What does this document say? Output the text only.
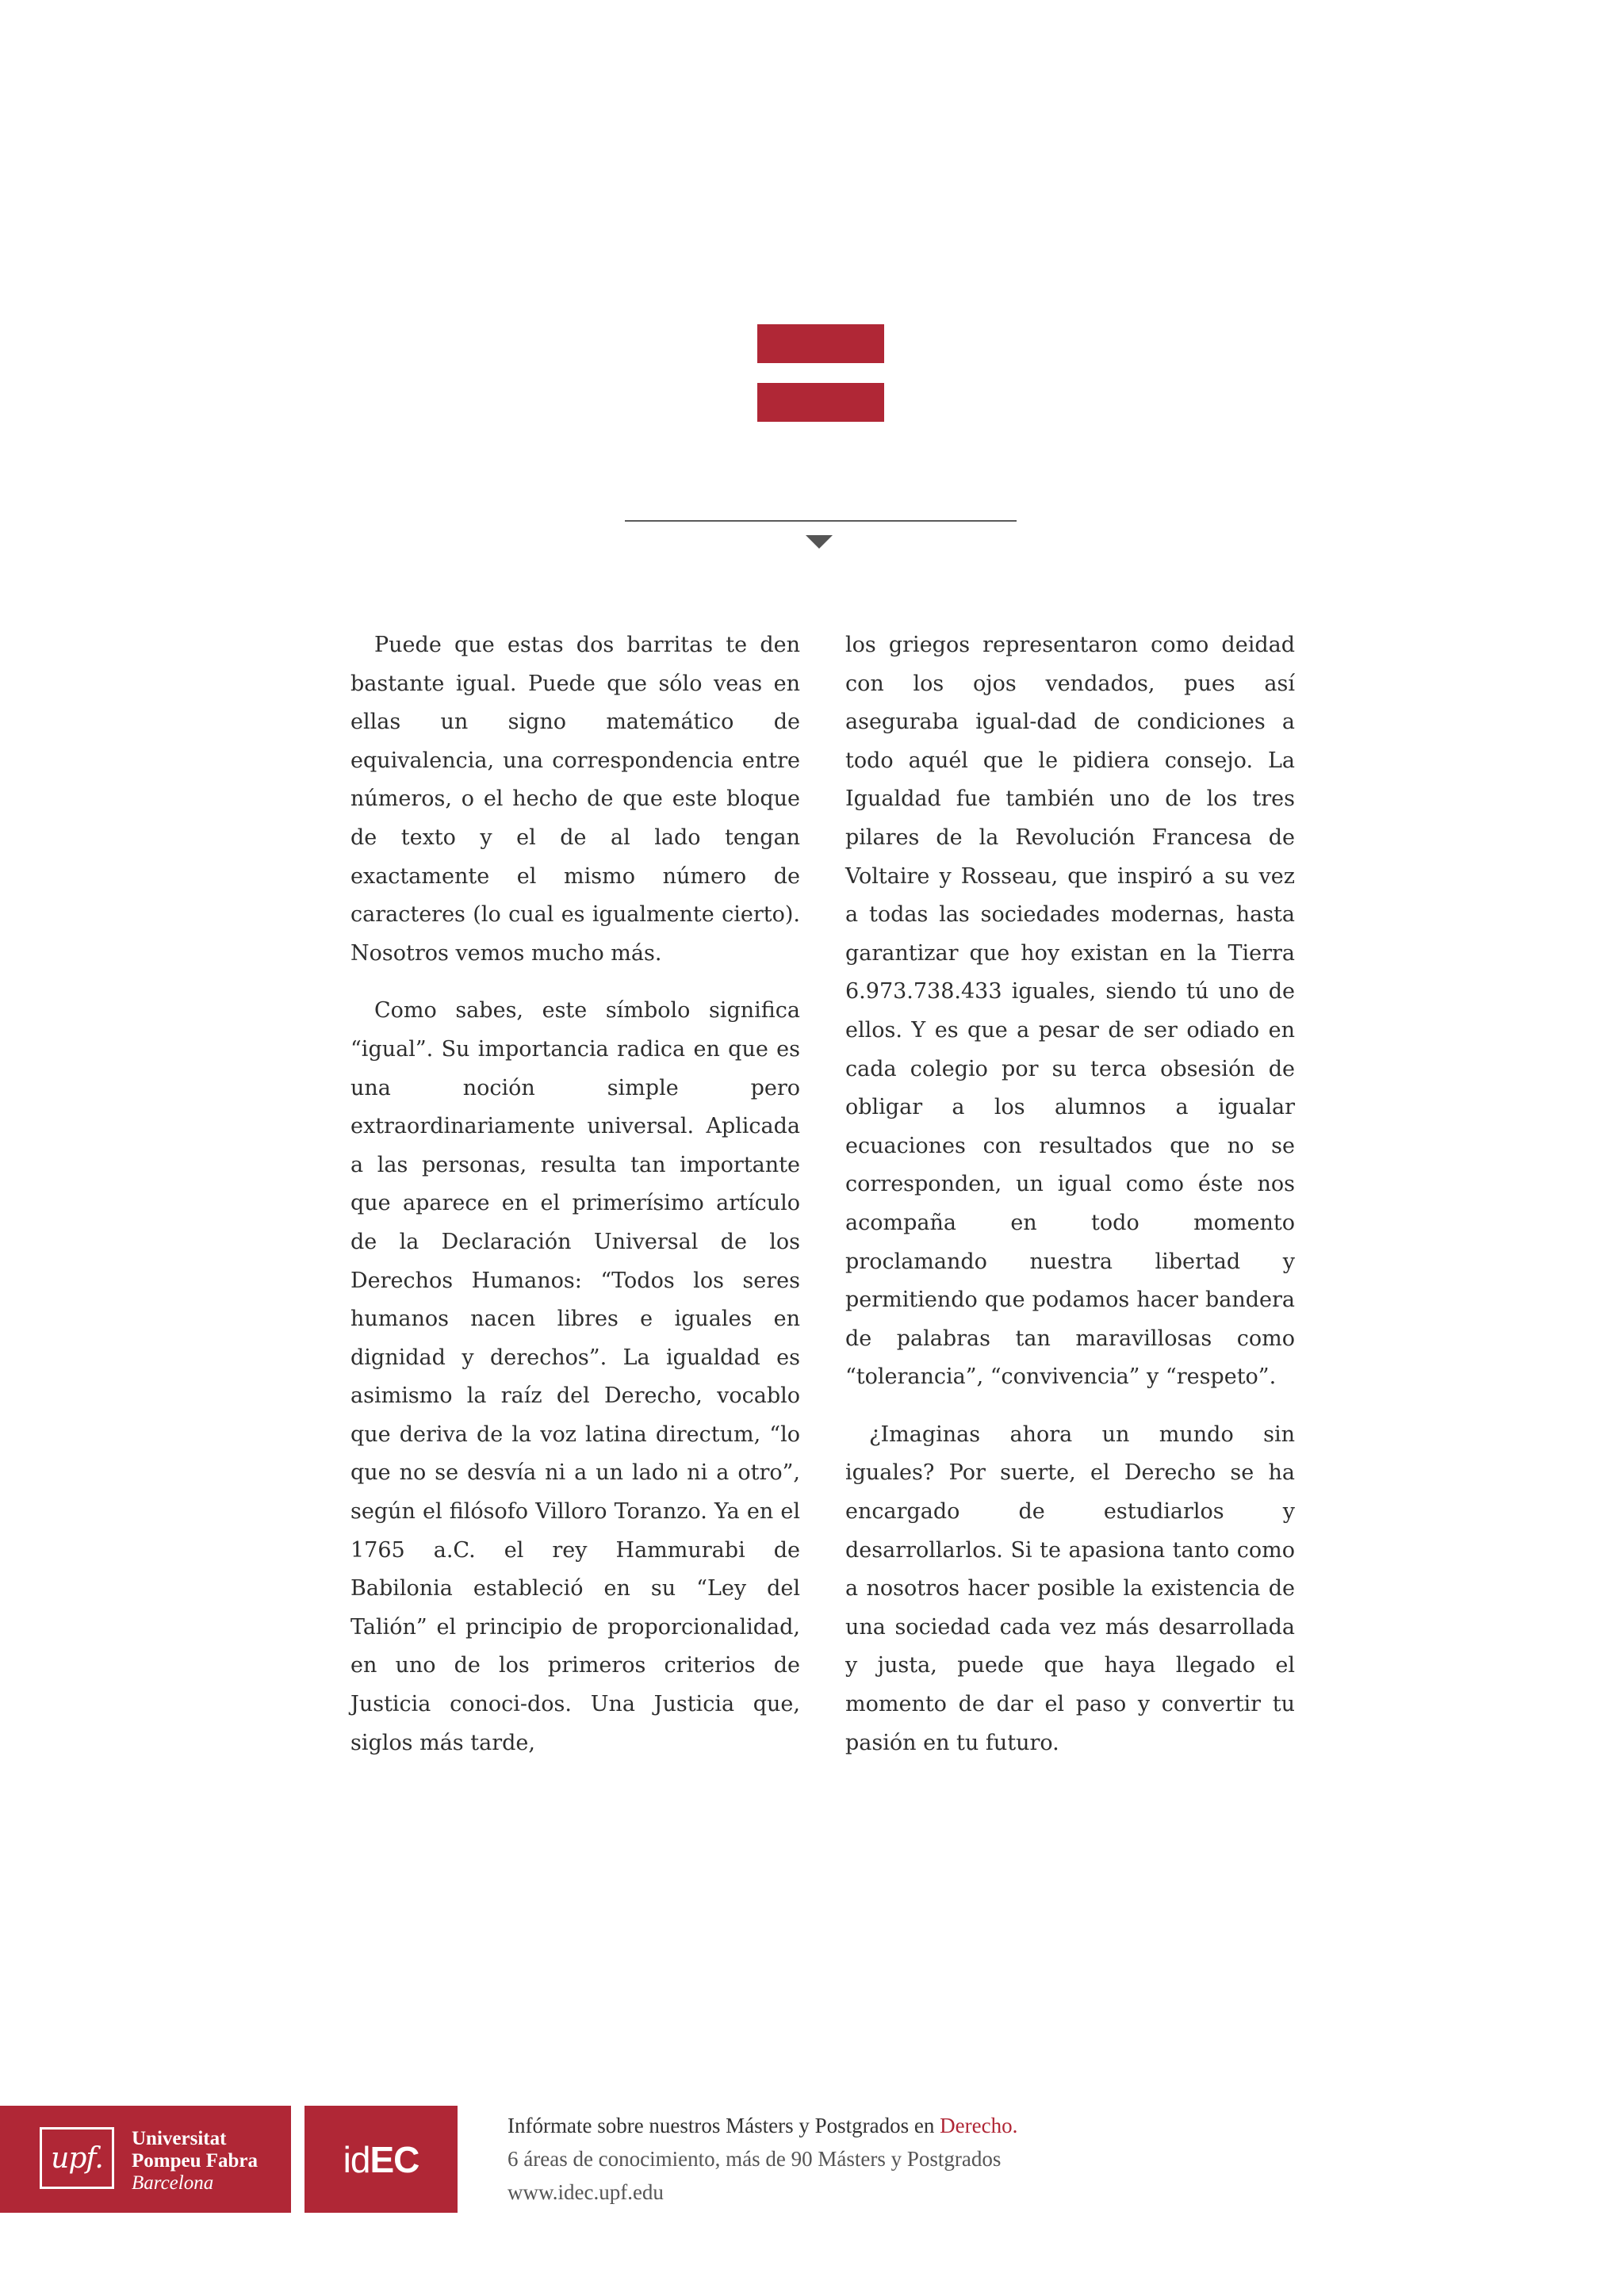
Puede que estas dos barritas te den bastante igual. Puede que sólo veas en ellas un signo matemático de equivalencia, una correspondencia entre números, o el hecho de que este bloque de texto y el de al lado tengan exactamente el mismo número de caracteres (lo cual es igualmente cierto). Nosotros vemos mucho más.

Como sabes, este símbolo significa “igual”. Su importancia radica en que es una noción simple pero extraordinariamente universal. Aplicada a las personas, resulta tan importante que aparece en el primerísimo artículo de la Declaración Universal de los Derechos Humanos: “Todos los seres humanos nacen libres e iguales en dignidad y derechos”. La igualdad es asimismo la raíz del Derecho, vocablo que deriva de la voz latina directum, “lo que no se desvía ni a un lado ni a otro”, según el filósofo Villoro Toranzo. Ya en el 1765 a.C. el rey Hammurabi de Babilonia estableció en su “Ley del Talión” el principio de proporcionalidad, en uno de los primeros criterios de Justicia conoci-dos. Una Justicia que, siglos más tarde,

los griegos representaron como deidad con los ojos vendados, pues así aseguraba igual-dad de condiciones a todo aquél que le pidiera consejo. La Igualdad fue también uno de los tres pilares de la Revolución Francesa de Voltaire y Rosseau, que inspiró a su vez a todas las sociedades modernas, hasta garantizar que hoy existan en la Tierra 6.973.738.433 iguales, siendo tú uno de ellos. Y es que a pesar de ser odiado en cada colegio por su terca obsesión de obligar a los alumnos a igualar ecuaciones con resultados que no se corresponden, un igual como éste nos acompaña en todo momento proclamando nuestra libertad y permitiendo que podamos hacer bandera de palabras tan maravillosas como “tolerancia”, “convivencia” y “respeto”.

¿Imaginas ahora un mundo sin iguales? Por suerte, el Derecho se ha encargado de estudiarlos y desarrollarlos. Si te apasiona tanto como a nosotros hacer posible la existencia de una sociedad cada vez más desarrollada y justa, puede que haya llegado el momento de dar el paso y convertir tu pasión en tu futuro.

upf.
Universitat
Pompeu Fabra
Barcelona
id EC
Infórmate sobre nuestros Másters y Postgrados en Derecho.
6 áreas de conocimiento, más de 90 Másters y Postgrados
www.idec.upf.edu
